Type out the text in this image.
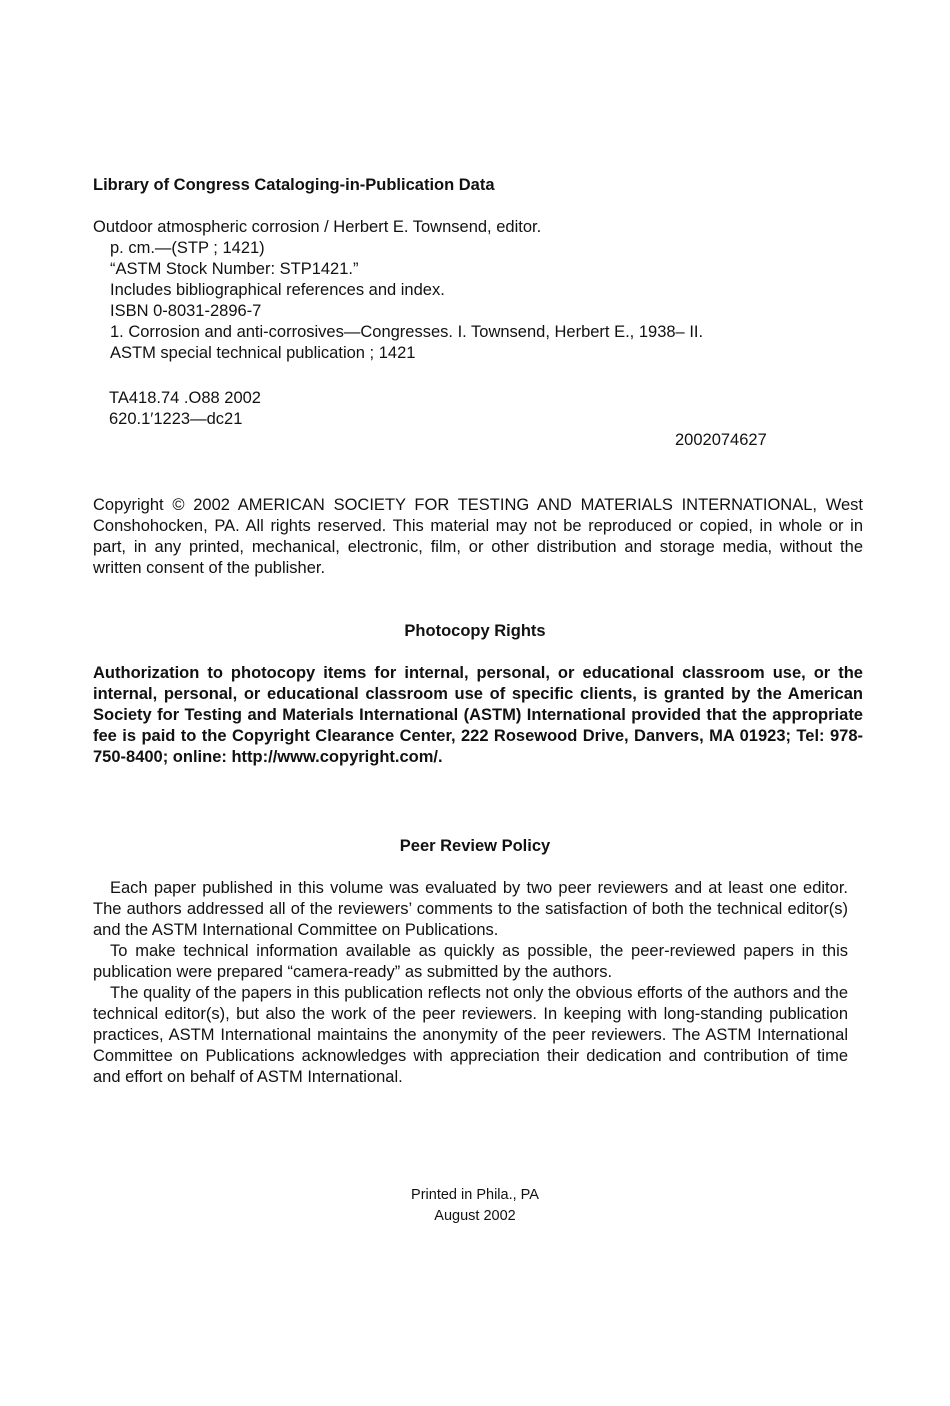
Library of Congress Cataloging-in-Publication Data
Outdoor atmospheric corrosion / Herbert E. Townsend, editor.
p. cm.—(STP ; 1421)
“ASTM Stock Number: STP1421.”
Includes bibliographical references and index.
ISBN 0-8031-2896-7
1. Corrosion and anti-corrosives—Congresses. I. Townsend, Herbert E., 1938– II.
ASTM special technical publication ; 1421
TA418.74 .O88 2002
620.1′1223—dc21
2002074627
Copyright © 2002 AMERICAN SOCIETY FOR TESTING AND MATERIALS INTERNATIONAL, West Conshohocken, PA. All rights reserved. This material may not be reproduced or copied, in whole or in part, in any printed, mechanical, electronic, film, or other distribution and storage media, without the written consent of the publisher.
Photocopy Rights
Authorization to photocopy items for internal, personal, or educational classroom use, or the internal, personal, or educational classroom use of specific clients, is granted by the American Society for Testing and Materials International (ASTM) International provided that the appropriate fee is paid to the Copyright Clearance Center, 222 Rosewood Drive, Danvers, MA 01923; Tel: 978-750-8400; online: http://www.copyright.com/.
Peer Review Policy

Each paper published in this volume was evaluated by two peer reviewers and at least one editor. The authors addressed all of the reviewers’ comments to the satisfaction of both the technical editor(s) and the ASTM International Committee on Publications.

To make technical information available as quickly as possible, the peer-reviewed papers in this publication were prepared “camera-ready” as submitted by the authors.

The quality of the papers in this publication reflects not only the obvious efforts of the authors and the technical editor(s), but also the work of the peer reviewers. In keeping with long-standing publication practices, ASTM International maintains the anonymity of the peer reviewers. The ASTM International Committee on Publications acknowledges with appreciation their dedication and contribution of time and effort on behalf of ASTM International.

Printed in Phila., PA
August 2002
